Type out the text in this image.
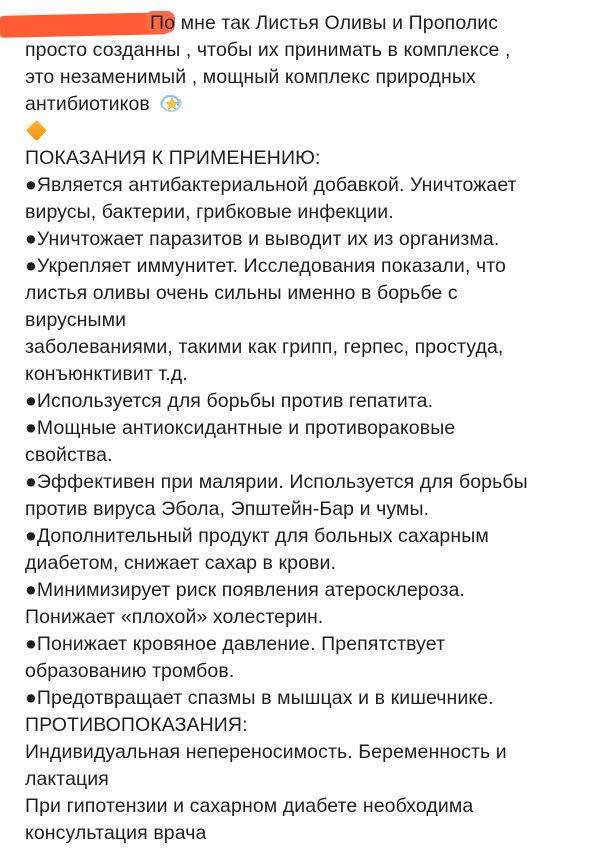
По мне так Листья Оливы и Прополис
просто созданны , чтобы их принимать в комплексе ,
это незаменимый , мощный комплекс природных
антибиотиков
ПОКАЗАНИЯ К ПРИМЕНЕНИЮ:
●Является антибактериальной добавкой. Уничтожает
вирусы, бактерии, грибковые инфекции.
●Уничтожает паразитов и выводит их из организма.
●Укрепляет иммунитет. Исследования показали, что
листья оливы очень сильны именно в борьбе с
вирусными
заболеваниями, такими как грипп, герпес, простуда,
конъюнктивит т.д.
●Используется для борьбы против гепатита.
●Мощные антиоксидантные и противораковые
свойства.
●Эффективен при малярии. Используется для борьбы
против вируса Эбола, Эпштейн-Бар и чумы.
●Дополнительный продукт для больных сахарным
диабетом, снижает сахар в крови.
●Минимизирует риск появления атеросклероза.
Понижает «плохой» холестерин.
●Понижает кровяное давление. Препятствует
образованию тромбов.
●Предотвращает спазмы в мышцах и в кишечнике.
ПРОТИВОПОКАЗАНИЯ:
Индивидуальная непереносимость. Беременность и
лактация
При гипотензии и сахарном диабете необходима
консультация врача
